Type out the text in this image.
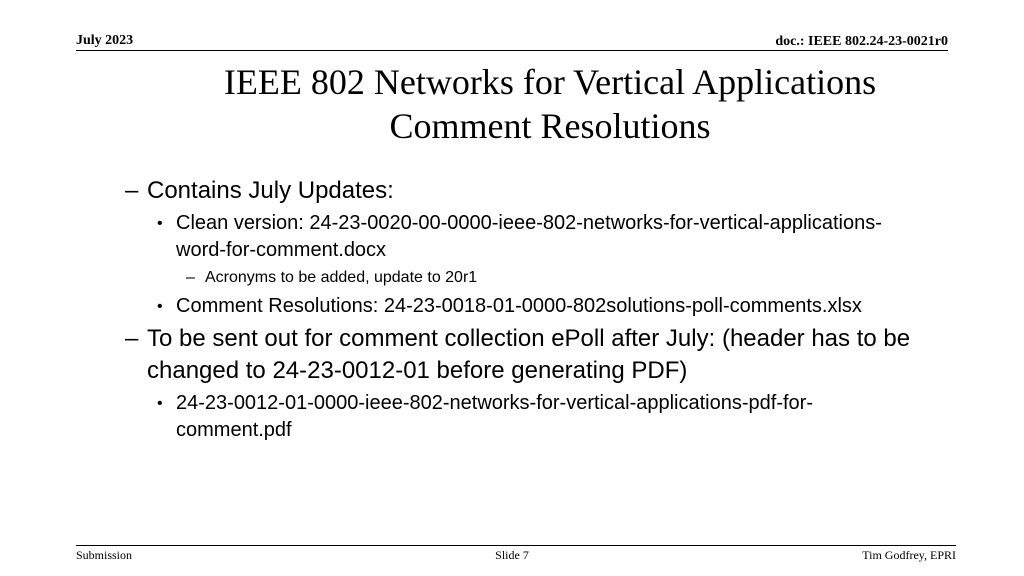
July 2023	doc.: IEEE 802.24-23-0021r0
IEEE 802 Networks for Vertical Applications
Comment Resolutions
– Contains July Updates:
• Clean version: 24-23-0020-00-0000-ieee-802-networks-for-vertical-applications-word-for-comment.docx
– Acronyms to be added, update to 20r1
• Comment Resolutions: 24-23-0018-01-0000-802solutions-poll-comments.xlsx
– To be sent out for comment collection ePoll after July: (header has to be changed to 24-23-0012-01 before generating PDF)
• 24-23-0012-01-0000-ieee-802-networks-for-vertical-applications-pdf-for-comment.pdf
Submission	Slide 7	Tim Godfrey, EPRI
